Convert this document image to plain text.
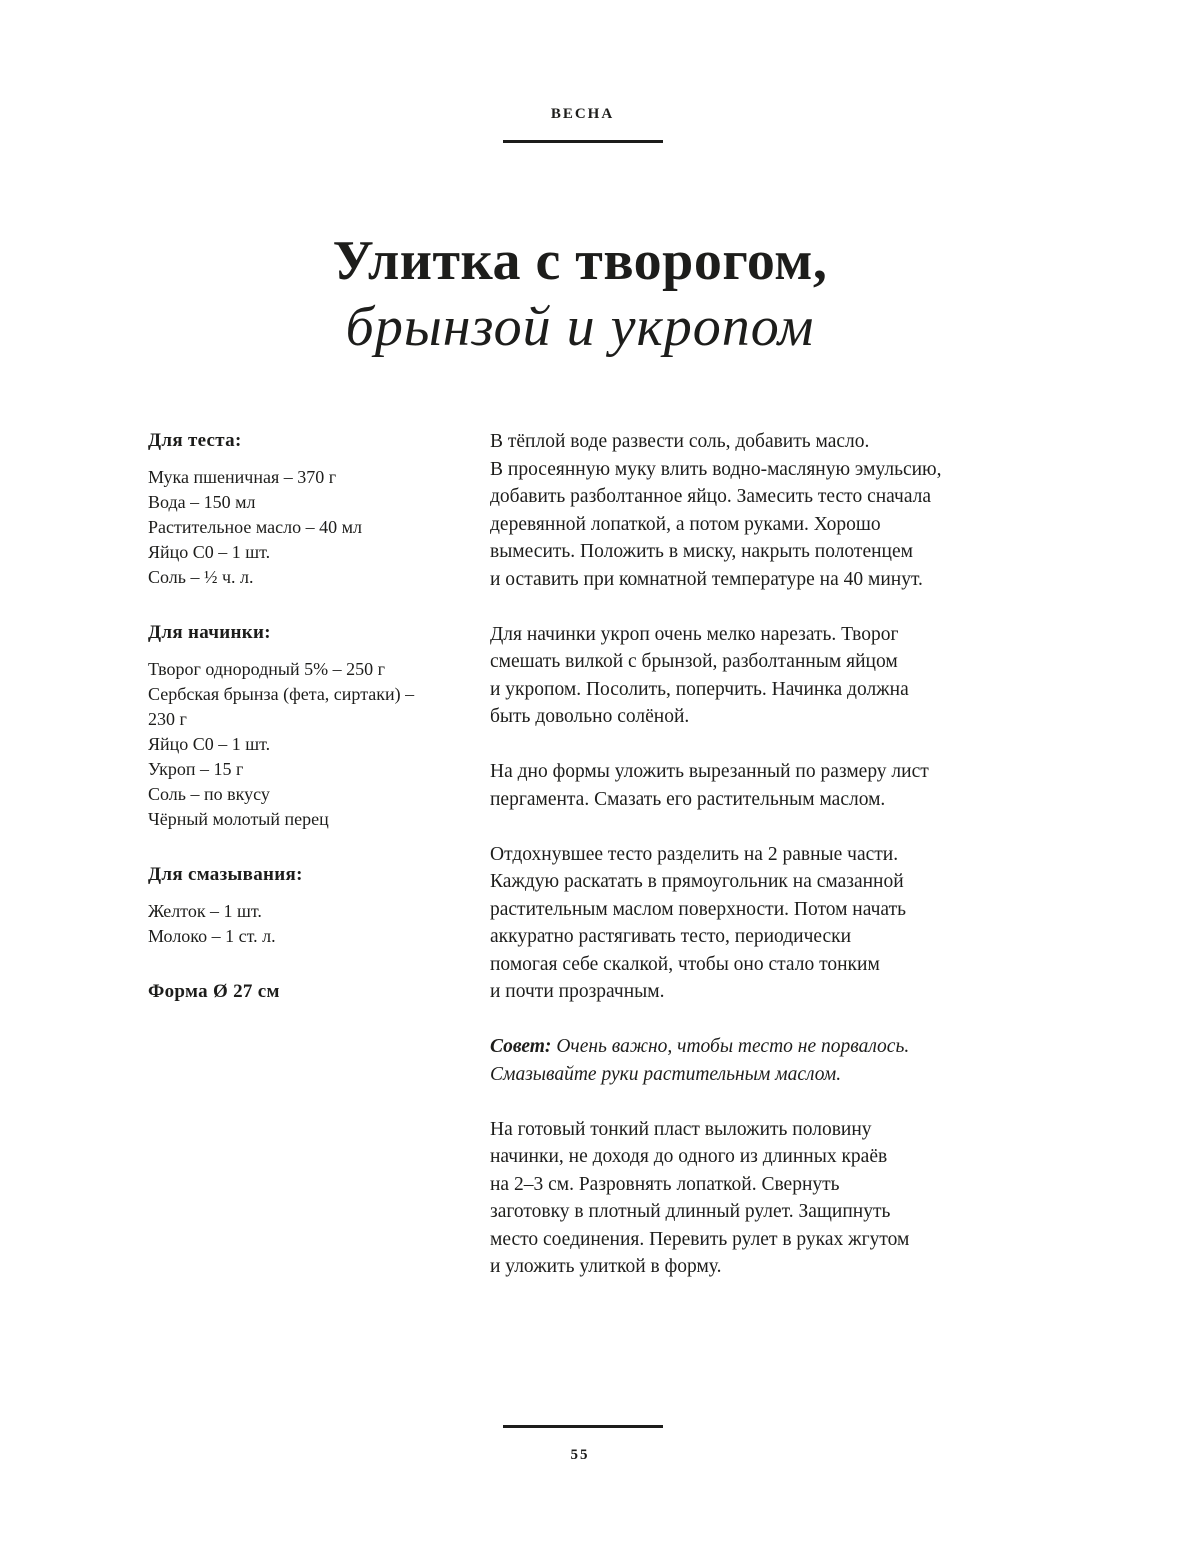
ВЕСНА
Улитка с творогом,
брынзой и укропом
Для теста:
Мука пшеничная – 370 г
Вода – 150 мл
Растительное масло – 40 мл
Яйцо С0 – 1 шт.
Соль – ½ ч. л.
Для начинки:
Творог однородный 5% – 250 г
Сербская брынза (фета, сиртаки) –
230 г
Яйцо С0 – 1 шт.
Укроп – 15 г
Соль – по вкусу
Чёрный молотый перец
Для смазывания:
Желток – 1 шт.
Молоко – 1 ст. л.
Форма Ø 27 см

В тёплой воде развести соль, добавить масло.
В просеянную муку влить водно-масляную эмульсию,
добавить разболтанное яйцо. Замесить тесто сначала
деревянной лопаткой, а потом руками. Хорошо
вымесить. Положить в миску, накрыть полотенцем
и оставить при комнатной температуре на 40 минут.

Для начинки укроп очень мелко нарезать. Творог
смешать вилкой с брынзой, разболтанным яйцом
и укропом. Посолить, поперчить. Начинка должна
быть довольно солёной.

На дно формы уложить вырезанный по размеру лист
пергамента. Смазать его растительным маслом.

Отдохнувшее тесто разделить на 2 равные части.
Каждую раскатать в прямоугольник на смазанной
растительным маслом поверхности. Потом начать
аккуратно растягивать тесто, периодически
помогая себе скалкой, чтобы оно стало тонким
и почти прозрачным.

Совет: Очень важно, чтобы тесто не порвалось.
Смазывайте руки растительным маслом.

На готовый тонкий пласт выложить половину
начинки, не доходя до одного из длинных краёв
на 2–3 см. Разровнять лопаткой. Свернуть
заготовку в плотный длинный рулет. Защипнуть
место соединения. Перевить рулет в руках жгутом
и уложить улиткой в форму.

55
